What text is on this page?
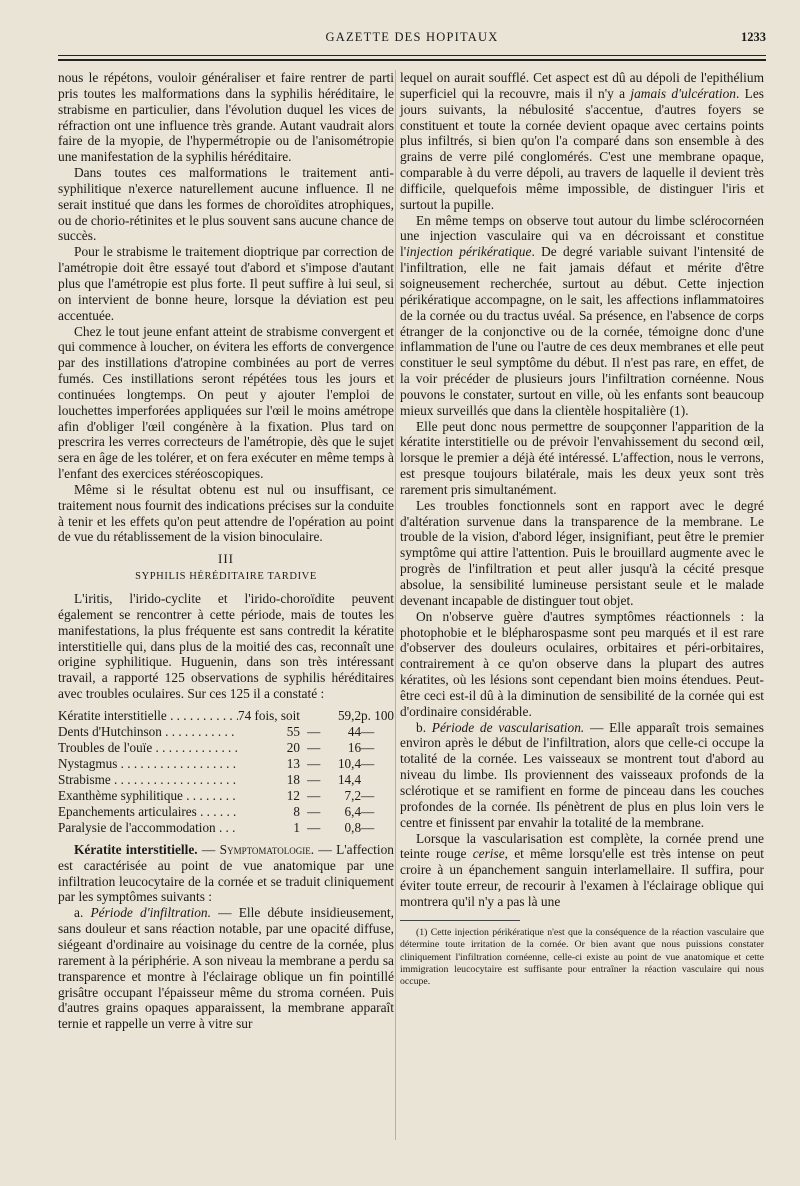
GAZETTE DES HOPITAUX	1233

nous le répétons, vouloir généraliser et faire rentrer de parti pris toutes les malformations dans la syphilis héréditaire, le strabisme en particulier, dans l'évolution duquel les vices de réfraction ont une influence très grande. Autant vaudrait alors faire de la myopie, de l'hypermétropie ou de l'anisométropie une manifestation de la syphilis héréditaire.

Dans toutes ces malformations le traitement anti-syphilitique n'exerce naturellement aucune influence. Il ne serait institué que dans les formes de choroïdites atrophiques, ou de chorio-rétinites et le plus souvent sans aucune chance de succès.

Pour le strabisme le traitement dioptrique par correction de l'amétropie doit être essayé tout d'abord et s'impose d'autant plus que l'amétropie est plus forte. Il peut suffire à lui seul, si on intervient de bonne heure, lorsque la déviation est peu accentuée.

Chez le tout jeune enfant atteint de strabisme convergent et qui commence à loucher, on évitera les efforts de convergence par des instillations d'atropine combinées au port de verres fumés. Ces instillations seront répétées tous les jours et continuées longtemps. On peut y ajouter l'emploi de louchettes imperforées appliquées sur l'œil le moins amétrope afin d'obliger l'œil congénère à la fixation. Plus tard on prescrira les verres correcteurs de l'amétropie, dès que le sujet sera en âge de les tolérer, et on fera exécuter en même temps à l'enfant des exercices stéréoscopiques.

Même si le résultat obtenu est nul ou insuffisant, ce traitement nous fournit des indications précises sur la conduite à tenir et les effets qu'on peut attendre de l'opération au point de vue du rétablissement de la vision binoculaire.

III
SYPHILIS HÉRÉDITAIRE TARDIVE

L'iritis, l'irido-cyclite et l'irido-choroïdite peuvent également se rencontrer à cette période, mais de toutes les manifestations, la plus fréquente est sans contredit la kératite interstitielle qui, dans plus de la moitié des cas, reconnaît une origine syphilitique. Huguenin, dans son très intéressant travail, a rapporté 125 observations de syphilis héréditaires avec troubles oculaires. Sur ces 125 il a constaté :

Kératite interstitielle . . .	74 fois, soit		59,2	p. 100
Dents d'Hutchinson . . .	55	—	44	—
Troubles de l'ouïe . . .	20	—	16	—
Nystagmus . . .	13	—	10,4	—
Strabisme . . .	18	—	14,4	
Exanthème syphilitique . . .	12	—	7,2	—
Epanchements articulaires . . .	8	—	6,4	—
Paralysie de l'accommodation . . .	1	—	0,8	—

Kératite interstitielle. — Symptomatologie. — L'affection est caractérisée au point de vue anatomique par une infiltration leucocytaire de la cornée et se traduit cliniquement par les symptômes suivants :

a. Période d'infiltration. — Elle débute insidieusement, sans douleur et sans réaction notable, par une opacité diffuse, siégeant d'ordinaire au voisinage du centre de la cornée, plus rarement à la périphérie. A son niveau la membrane a perdu sa transparence et montre à l'éclairage oblique un fin pointillé grisâtre occupant l'épaisseur même du stroma cornéen. Puis d'autres grains opaques apparaissent, la membrane apparaît ternie et rappelle un verre à vitre sur

lequel on aurait soufflé. Cet aspect est dû au dépoli de l'epithélium superficiel qui la recouvre, mais il n'y a jamais d'ulcération. Les jours suivants, la nébulosité s'accentue, d'autres foyers se constituent et toute la cornée devient opaque avec certains points plus infiltrés, si bien qu'on l'a comparé dans son ensemble à des grains de verre pilé conglomérés. C'est une membrane opaque, comparable à du verre dépoli, au travers de laquelle il devient très difficile, quelquefois même impossible, de distinguer l'iris et surtout la pupille.

En même temps on observe tout autour du limbe sclérocornéen une injection vasculaire qui va en décroissant et constitue l'injection périkératique. De degré variable suivant l'intensité de l'infiltration, elle ne fait jamais défaut et mérite d'être soigneusement recherchée, surtout au début. Cette injection périkératique accompagne, on le sait, les affections inflammatoires de la cornée ou du tractus uvéal. Sa présence, en l'absence de corps étranger de la conjonctive ou de la cornée, témoigne donc d'une inflammation de l'une ou l'autre de ces deux membranes et elle peut constituer le seul symptôme du début. Il n'est pas rare, en effet, de la voir précéder de plusieurs jours l'infiltration cornéenne. Nous pouvons le constater, surtout en ville, où les enfants sont beaucoup mieux surveillés que dans la clientèle hospitalière (1).

Elle peut donc nous permettre de soupçonner l'apparition de la kératite interstitielle ou de prévoir l'envahissement du second œil, lorsque le premier a déjà été intéressé. L'affection, nous le verrons, est presque toujours bilatérale, mais les deux yeux sont très rarement pris simultanément.

Les troubles fonctionnels sont en rapport avec le degré d'altération survenue dans la transparence de la membrane. Le trouble de la vision, d'abord léger, insignifiant, peut être le premier symptôme qui attire l'attention. Puis le brouillard augmente avec le progrès de l'infiltration et peut aller jusqu'à la cécité presque absolue, la sensibilité lumineuse persistant seule et le malade devenant incapable de distinguer tout objet.

On n'observe guère d'autres symptômes réactionnels : la photophobie et le blépharospasme sont peu marqués et il est rare d'observer des douleurs oculaires, orbitaires et péri-orbitaires, contrairement à ce qu'on observe dans la plupart des autres kératites, où les lésions sont cependant bien moins étendues. Peut-être ceci est-il dû à la diminution de sensibilité de la cornée qui est d'ordinaire considérable.

b. Période de vascularisation. — Elle apparaît trois semaines environ après le début de l'infiltration, alors que celle-ci occupe la totalité de la cornée. Les vaisseaux se montrent tout d'abord au niveau du limbe. Ils proviennent des vaisseaux profonds de la sclérotique et se ramifient en forme de pinceau dans les couches profondes de la cornée. Ils pénètrent de plus en plus loin vers le centre et finissent par envahir la totalité de la membrane.

Lorsque la vascularisation est complète, la cornée prend une teinte rouge cerise, et même lorsqu'elle est très intense on peut croire à un épanchement sanguin interlamellaire. Il suffira, pour éviter toute erreur, de recourir à l'examen à l'éclairage oblique qui montrera qu'il n'y a pas là une

(1) Cette injection périkératique n'est que la conséquence de la réaction vasculaire que détermine toute irritation de la cornée. Or bien avant que nous puissions constater cliniquement l'infiltration cornéenne, celle-ci existe au point de vue anatomique et cette immigration leucocytaire est suffisante pour entraîner la réaction vasculaire qui nous occupe.
